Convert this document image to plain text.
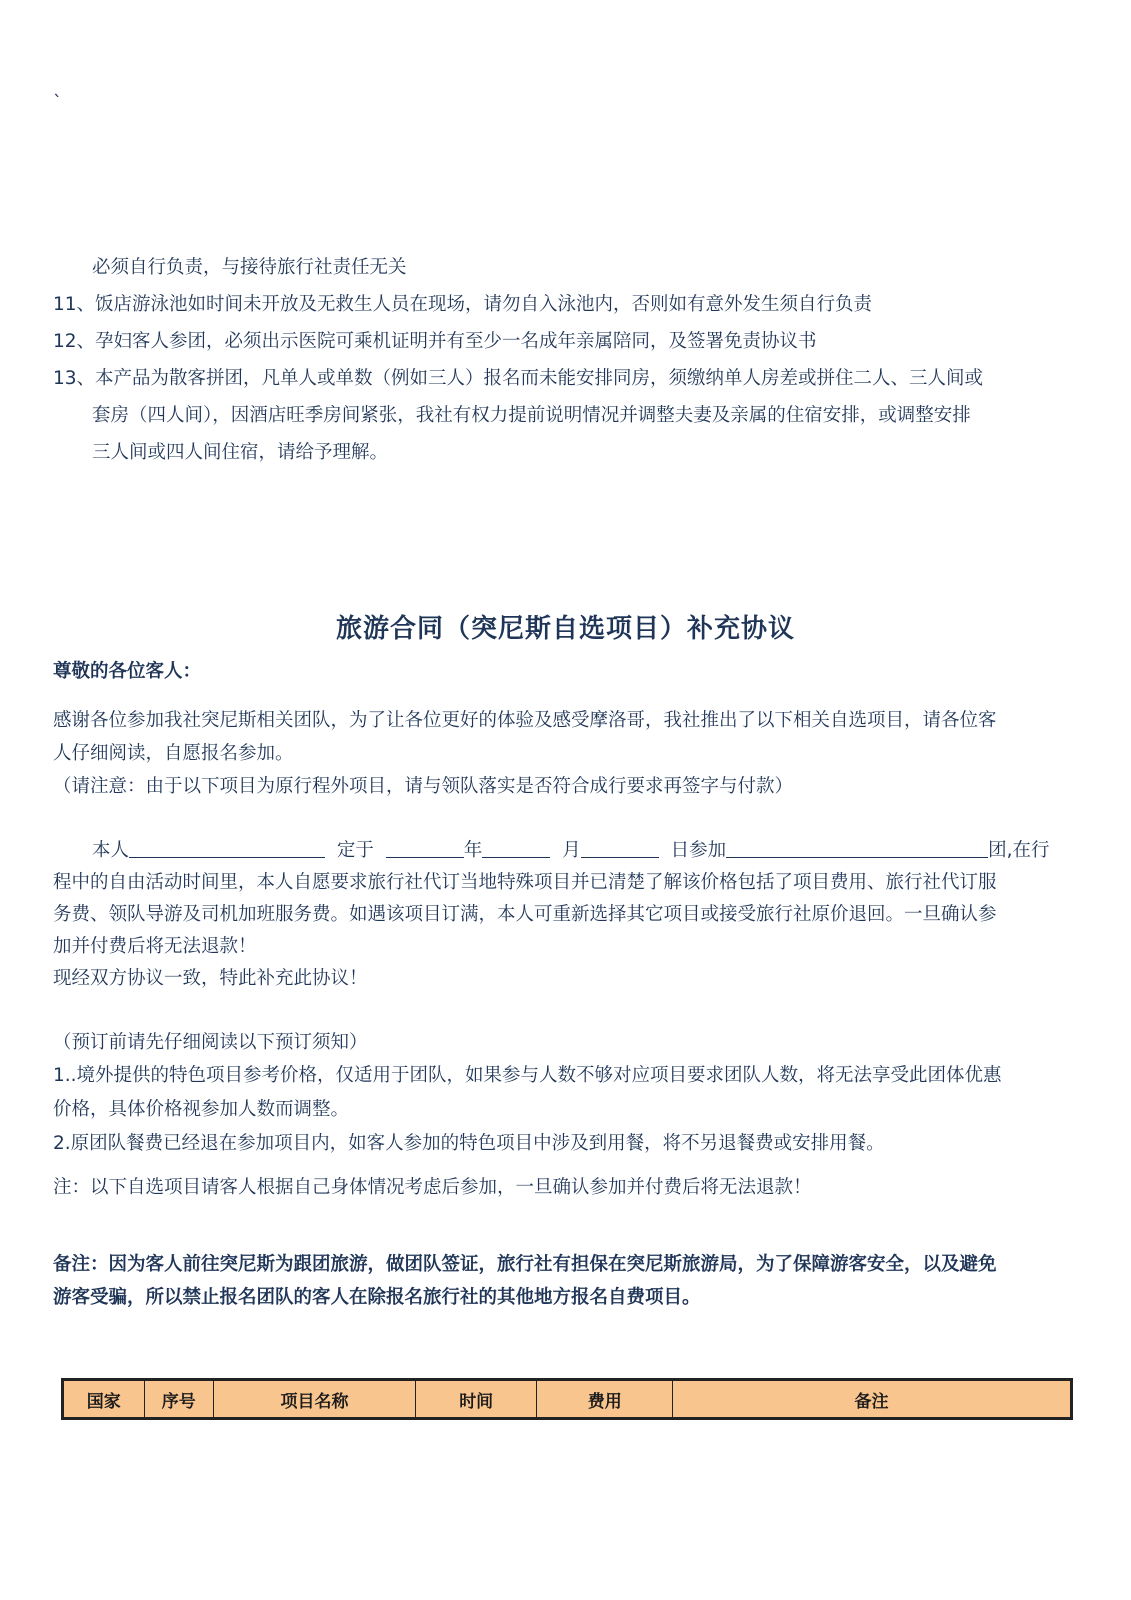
`
必须自行负责，与接待旅行社责任无关
11、饭店游泳池如时间未开放及无救生人员在现场，请勿自入泳池内，否则如有意外发生须自行负责
12、孕妇客人参团，必须出示医院可乘机证明并有至少一名成年亲属陪同，及签署免责协议书
13、本产品为散客拼团，凡单人或单数（例如三人）报名而未能安排同房，须缴纳单人房差或拼住二人、三人间或
套房（四人间），因酒店旺季房间紧张，我社有权力提前说明情况并调整夫妻及亲属的住宿安排，或调整安排
三人间或四人间住宿，请给予理解。
旅游合同（突尼斯自选项目）补充协议
尊敬的各位客人：
感谢各位参加我社突尼斯相关团队，为了让各位更好的体验及感受摩洛哥，我社推出了以下相关自选项目，请各位客
人仔细阅读，自愿报名参加。
（请注意：由于以下项目为原行程外项目，请与领队落实是否符合成行要求再签字与付款）
本人	定于	年	月	日参加	团,在行
程中的自由活动时间里，本人自愿要求旅行社代订当地特殊项目并已清楚了解该价格包括了项目费用、旅行社代订服
务费、领队导游及司机加班服务费。如遇该项目订满，本人可重新选择其它项目或接受旅行社原价退回。一旦确认参
加并付费后将无法退款！
现经双方协议一致，特此补充此协议！
（预订前请先仔细阅读以下预订须知）
1..境外提供的特色项目参考价格，仅适用于团队，如果参与人数不够对应项目要求团队人数，将无法享受此团体优惠
价格，具体价格视参加人数而调整。
2.原团队餐费已经退在参加项目内，如客人参加的特色项目中涉及到用餐，将不另退餐费或安排用餐。
注：以下自选项目请客人根据自己身体情况考虑后参加，一旦确认参加并付费后将无法退款！
备注：因为客人前往突尼斯为跟团旅游，做团队签证，旅行社有担保在突尼斯旅游局，为了保障游客安全，以及避免
游客受骗，所以禁止报名团队的客人在除报名旅行社的其他地方报名自费项目。
国家	序号	项目名称	时间	费用	备注
